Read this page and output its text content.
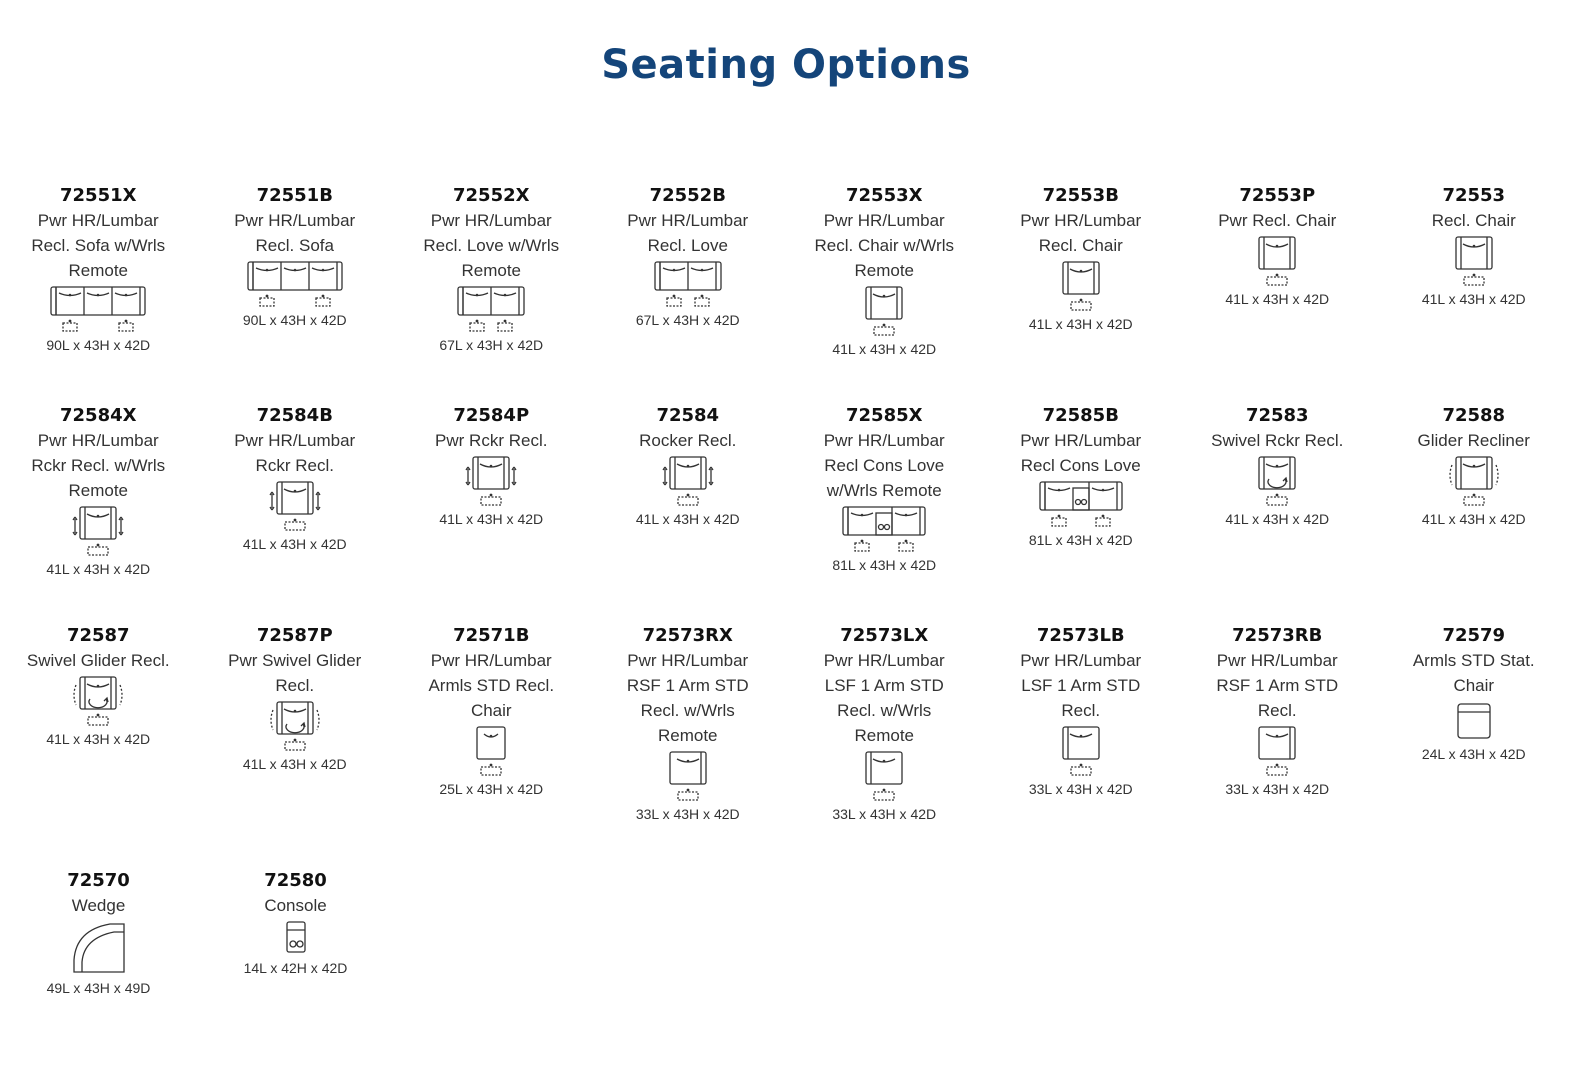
Seating Options
72551X
Pwr HR/Lumbar
Recl. Sofa w/Wrls
Remote
90L x 43H x 42D
72551B
Pwr HR/Lumbar
Recl. Sofa
90L x 43H x 42D
72552X
Pwr HR/Lumbar
Recl. Love w/Wrls
Remote
67L x 43H x 42D
72552B
Pwr HR/Lumbar
Recl. Love
67L x 43H x 42D
72553X
Pwr HR/Lumbar
Recl. Chair w/Wrls
Remote
41L x 43H x 42D
72553B
Pwr HR/Lumbar
Recl. Chair
41L x 43H x 42D
72553P
Pwr Recl. Chair
41L x 43H x 42D
72553
Recl. Chair
41L x 43H x 42D
72584X
Pwr HR/Lumbar
Rckr Recl. w/Wrls
Remote
41L x 43H x 42D
72584B
Pwr HR/Lumbar
Rckr Recl.
41L x 43H x 42D
72584P
Pwr Rckr Recl.
41L x 43H x 42D
72584
Rocker Recl.
41L x 43H x 42D
72585X
Pwr HR/Lumbar
Recl Cons Love
w/Wrls Remote
81L x 43H x 42D
72585B
Pwr HR/Lumbar
Recl Cons Love
81L x 43H x 42D
72583
Swivel Rckr Recl.
41L x 43H x 42D
72588
Glider Recliner
41L x 43H x 42D
72587
Swivel Glider Recl.
41L x 43H x 42D
72587P
Pwr Swivel Glider
Recl.
41L x 43H x 42D
72571B
Pwr HR/Lumbar
Armls STD Recl.
Chair
25L x 43H x 42D
72573RX
Pwr HR/Lumbar
RSF 1 Arm STD
Recl. w/Wrls
Remote
33L x 43H x 42D
72573LX
Pwr HR/Lumbar
LSF 1 Arm STD
Recl. w/Wrls
Remote
33L x 43H x 42D
72573LB
Pwr HR/Lumbar
LSF 1 Arm STD
Recl.
33L x 43H x 42D
72573RB
Pwr HR/Lumbar
RSF 1 Arm STD
Recl.
33L x 43H x 42D
72579
Armls STD Stat.
Chair
24L x 43H x 42D
72570
Wedge
49L x 43H x 49D
72580
Console
14L x 42H x 42D
